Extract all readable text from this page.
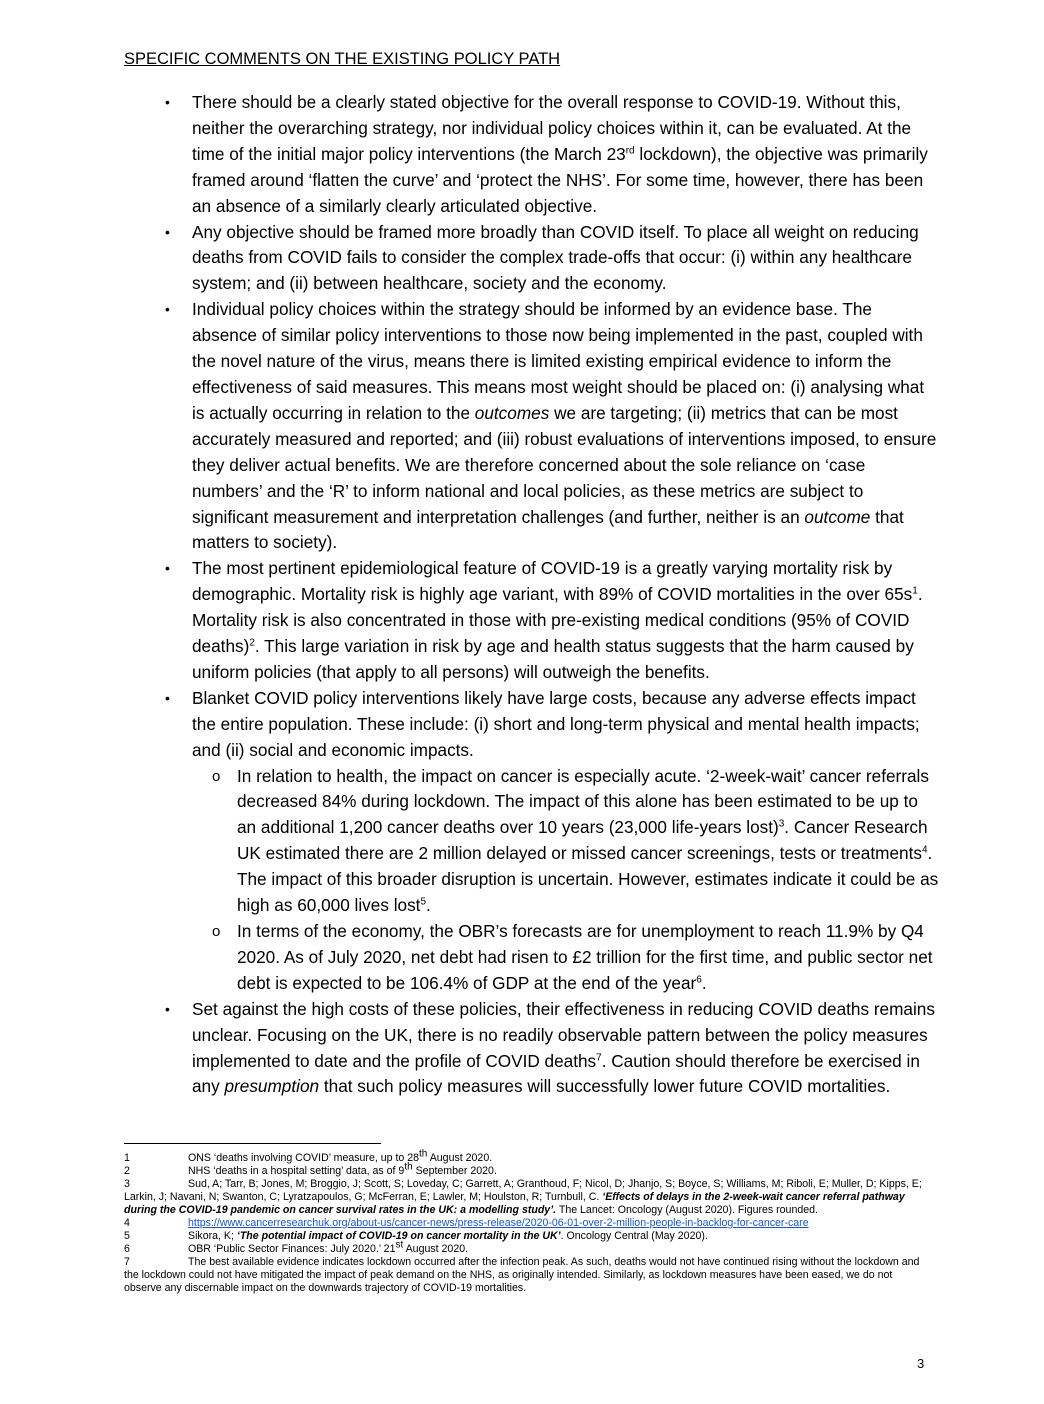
SPECIFIC COMMENTS ON THE EXISTING POLICY PATH
• There should be a clearly stated objective for the overall response to COVID-19. Without this, neither the overarching strategy, nor individual policy choices within it, can be evaluated. At the time of the initial major policy interventions (the March 23rd lockdown), the objective was primarily framed around ‘flatten the curve’ and ‘protect the NHS’. For some time, however, there has been an absence of a similarly clearly articulated objective.
• Any objective should be framed more broadly than COVID itself. To place all weight on reducing deaths from COVID fails to consider the complex trade-offs that occur: (i) within any healthcare system; and (ii) between healthcare, society and the economy.
• Individual policy choices within the strategy should be informed by an evidence base. The absence of similar policy interventions to those now being implemented in the past, coupled with the novel nature of the virus, means there is limited existing empirical evidence to inform the effectiveness of said measures. This means most weight should be placed on: (i) analysing what is actually occurring in relation to the outcomes we are targeting; (ii) metrics that can be most accurately measured and reported; and (iii) robust evaluations of interventions imposed, to ensure they deliver actual benefits. We are therefore concerned about the sole reliance on ‘case numbers’ and the ‘R’ to inform national and local policies, as these metrics are subject to significant measurement and interpretation challenges (and further, neither is an outcome that matters to society).
• The most pertinent epidemiological feature of COVID-19 is a greatly varying mortality risk by demographic. Mortality risk is highly age variant, with 89% of COVID mortalities in the over $65s^1$. Mortality risk is also concentrated in those with pre-existing medical conditions (95% of COVID deaths)$^2$. This large variation in risk by age and health status suggests that the harm caused by uniform policies (that apply to all persons) will outweigh the benefits.
• Blanket COVID policy interventions likely have large costs, because any adverse effects impact the entire population. These include: (i) short and long-term physical and mental health impacts; and (ii) social and economic impacts.
o In relation to health, the impact on cancer is especially acute. ‘2-week-wait’ cancer referrals decreased 84% during lockdown. The impact of this alone has been estimated to be up to an additional 1,200 cancer deaths over 10 years (23,000 life-years lost)$^3$. Cancer Research UK estimated there are 2 million delayed or missed cancer screenings, tests or treatments$^4$. The impact of this broader disruption is uncertain. However, estimates indicate it could be as high as 60,000 lives lost$^5$.
o In terms of the economy, the OBR’s forecasts are for unemployment to reach 11.9% by Q4 2020. As of July 2020, net debt had risen to £2 trillion for the first time, and public sector net debt is expected to be 106.4% of GDP at the end of the year$^6$.
• Set against the high costs of these policies, their effectiveness in reducing COVID deaths remains unclear. Focusing on the UK, there is no readily observable pattern between the policy measures implemented to date and the profile of COVID deaths$^7$. Caution should therefore be exercised in any presumption that such policy measures will successfully lower future COVID mortalities.
1	ONS ‘deaths involving COVID’ measure, up to 28th August 2020.
2	NHS ‘deaths in a hospital setting’ data, as of 9th September 2020.
3	Sud, A; Tarr, B; Jones, M; Broggio, J; Scott, S; Loveday, C; Garrett, A; Granthoud, F; Nicol, D; Jhanjo, S; Boyce, S; Williams, M; Riboli, E; Muller, D; Kipps, E; Larkin, J; Navani, N; Swanton, C; Lyratzapoulos, G; McFerran, E; Lawler, M; Houlston, R; Turnbull, C. ‘Effects of delays in the 2-week-wait cancer referral pathway during the COVID-19 pandemic on cancer survival rates in the UK: a modelling study’. The Lancet: Oncology (August 2020). Figures rounded.
4	https://www.cancerresearchuk.org/about-us/cancer-news/press-release/2020-06-01-over-2-million-people-in-backlog-for-cancer-care
5	Sikora, K; ‘The potential impact of COVID-19 on cancer mortality in the UK’. Oncology Central (May 2020).
6	OBR ‘Public Sector Finances: July 2020.’ 21st August 2020.
7	The best available evidence indicates lockdown occurred after the infection peak. As such, deaths would not have continued rising without the lockdown and the lockdown could not have mitigated the impact of peak demand on the NHS, as originally intended. Similarly, as lockdown measures have been eased, we do not observe any discernable impact on the downwards trajectory of COVID-19 mortalities.
3
